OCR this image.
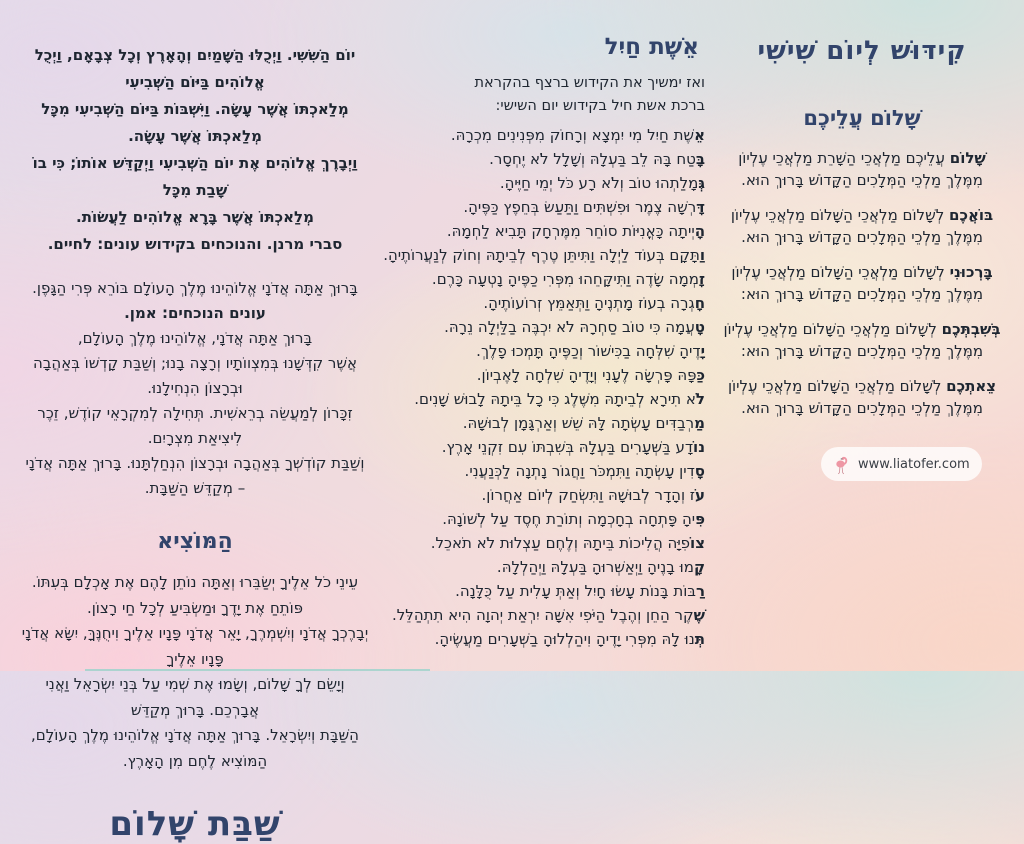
קִידּוּשׁ לְיוֹם שִׁישִׁי
שָׁלוֹם עֲלֵיכֶם

שָׁלוֹם עֲלֵיכֶם מַלְאֲכֵי הַשָּׁרֵת מַלְאֲכֵי עֶלְיוֹן
מִמֶּלֶךְ מַלְכֵי הַמְּלָכִים הַקָּדוֹשׁ בָּרוּךְ הוּא.

בּוֹאֲכֶם לְשָׁלוֹם מַלְאֲכֵי הַשָּׁלוֹם מַלְאֲכֵי עֶלְיוֹן
מִמֶּלֶךְ מַלְכֵי הַמְּלָכִים הַקָּדוֹשׁ בָּרוּךְ הוּא.

בָּרְכוּנִי לְשָׁלוֹם מַלְאֲכֵי הַשָּׁלוֹם מַלְאֲכֵי עֶלְיוֹן
מִמֶּלֶךְ מַלְכֵי הַמְּלָכִים הַקָּדוֹשׁ בָּרוּךְ הוּא:

בְּשִׁבְתְּכֶם לְשָׁלוֹם מַלְאֲכֵי הַשָּׁלוֹם מַלְאֲכֵי עֶלְיוֹן
מִמֶּלֶךְ מַלְכֵי הַמְּלָכִים הַקָּדוֹשׁ בָּרוּךְ הוּא:

צֵאתְכֶם לְשָׁלוֹם מַלְאֲכֵי הַשָּׁלוֹם מַלְאֲכֵי עֶלְיוֹן
מִמֶּלֶךְ מַלְכֵי הַמְּלָכִים הַקָּדוֹשׁ בָּרוּךְ הוּא.

אֵשֶׁת חַיִל

ואז ימשיך את הקידוש ברצף בהקראת

ברכת אשת חיל בקידוש יום השישי:

אֵשֶׁת חַיִל מִי יִמְצָא וְרָחוֹק מִפְּנִינִים מִכְרָהּ.

בָּטַח בָּהּ לֵב בַּעְלָהּ וְשָׁלָל לֹא יֶחְסָר.

גְּמָלַתְהוּ טוֹב וְלֹא רָע כֹּל יְמֵי חַיֶּיהָ.

דָּרְשָׁה צֶמֶר וּפִשְׁתִּים וַתַּעַשׂ בְּחֵפֶץ כַּפֶּיהָ.

הָיְיתָה כָּאֳנִיּוֹת סוֹחֵר מִמֶּרְחָק תָּבִיא לַחְמָהּ.

וַתָּקָם בְּעוֹד לַיְלָה וַתִּיתֵּן טֶרֶף לְבֵיתָהּ וְחוֹק לְנַעֲרוֹתֶיהָ.

זָמְמָה שָׂדֶה וַתִּיקָּחֵהוּ מִפְּרִי כַפֶּיהָ נָטְעָה כָּרֶם.

חָגְרָה בְעוֹז מָתְנֶיהָ וַתְּאַמֵּץ זְרוֹעוֹתֶיהָ.

טָעֲמָה כִּי טוֹב סַחְרָהּ לֹא יִכְבֶּה בַלַּיְלָה נֵרָהּ.

יָדֶיהָ שִׁלְּחָה בַכִּישׁוֹר וְכַפֶּיהָ תָּמְכוּ פָלֶךְ.

כַּפָּהּ פָּרְשָׂה לֶעָנִי וְיָדֶיהָ שִׁלְחָה לָאֶבְיוֹן.

לֹא תִירָא לְבֵיתָהּ מִשֶּׁלֶג כִּי כָל בֵּיתָהּ לָבוּשׁ שָׁנִים.

מַרְבַדִּים עָשְׂתָה לָּהּ שֵׁשׁ וְאַרְגָּמָן לְבוּשָׁהּ.

נוֹדָע בַּשְּׁעָרִים בַּעְלָהּ בְּשִׁבְתּוֹ עִם זִקְנֵי אָרֶץ.

סָדִין עָשְׂתָה וַתִּמְכֹּר וַחֲגוֹר נָתְנָה לַכְּנַעֲנִי.

עֹז וְהָדָר לְבוּשָׁהּ וַתִּשְׂחַק לְיוֹם אַחֲרוֹן.

פִּיהָ פָּתְחָה בְחָכְמָה וְתוֹרַת חֶסֶד עַל לְשׁוֹנָהּ.

צוֹפִיָּה הֲלִיכוֹת בֵּיתָהּ וְלֶחֶם עַצְלוּת לֹא תֹאכֵל.

קָמוּ בָנֶיהָ וַיְאַשְּׁרוּהָ בַּעְלָהּ וַיְהַלְלָהּ.

רַבּוֹת בָּנוֹת עָשׂוּ חָיִל וְאַתְּ עָלִית עַל כֻּלָּנָה.

שֶׁקֶר הַחֵן וְהֶבֶל הַיֹּפִי אִשָּׁה יִרְאַת יְהוָה הִיא תִתְהַלֵּל.

תְּנוּ לָהּ מִפְּרִי יָדֶיהָ וִיהַלְלוּהָ בַשְּׁעָרִים מַעֲשֶׂיהָ.

יוֹם הַשִּׁשִּׁי. וַיְכֻלּוּ הַשָּׁמַיִם וְהָאָרֶץ וְכָל צְבָאָם, וַיְכֻל אֱלוֹהִים בַּיּוֹם הַשְּׁבִיעִי
מְלַאכְתּוֹ אֲשֶׁר עָשָׂה. וַיִּשְׁבּוֹת בַּיּוֹם הַשְּׁבִיעִי מִכָּל מְלַאכְתּוֹ אֲשֶׁר עָשָׂה.
וַיְבָרֶךְ אֱלוֹהִים אֶת יוֹם הַשְּׁבִיעִי וַיְקַדֵּשׁ אוֹתוֹ; כִּי בוֹ שָׁבַת מִכָּל
מְלַאכְתּוֹ אֲשֶׁר בָּרָא אֱלוֹהִים לַעֲשׂוֹת.
סברי מרנן. והנוכחים בקידוש עונים: לחיים.

בָּרוּךְ אַתָּה אֲדֹנָי אֱלוֹהֵינוּ מֶלֶךְ הָעוֹלָם בּוֹרֵא פְּרִי הַגָּפֶן.

עונים הנוכחים: אמן.

בָּרוּךְ אַתָּה אֲדֹנָי, אֱלוֹהֵינוּ מֶלֶךְ הָעוֹלָם,

אֲשֶׁר קִדְּשָׁנוּ בְּמִצְווֹתָיו וְרָצָה בָנוּ; וְשַׁבַּת קָדְשׁוֹ בְּאַהֲבָה וּבְרָצוֹן הִנְחִילָנוּ.

זִכָּרוֹן לְמַעֲשֵׂה בְרֵאשִׁית. תְּחִילָה לְמִקְרָאֵי קוֹדֶשׁ, זֵכֶר לִיצִיאַת מִצְרָיִם.

וְשַׁבַּת קוֹדְשְׁךָ בְּאַהֲבָה וּבְרָצוֹן הִנְחַלְתָּנוּ. בָּרוּךְ אַתָּה אֲדֹנָי – מְקַדֵּשׁ הַשַּׁבָּת.

הַמּוֹצִיא

עֵינֵי כֹל אֵלֶיךָ יְשַׂבֵּרוּ וְאַתָּה נוֹתֵן לָהֶם אֶת אָכְלָם בְּעִתּוֹ.

פּוֹתֵחַ אֶת יָדֶךָ וּמַשְׂבִּיעַ לְכָל חַי רָצוֹן.

יְבָרֶכְךָ אֲדֹנָי וְיִשְׁמְרֶךָ, יָאֵר אֲדֹנָי פָּנָיו אֵלֶיךָ וִיחֻנֶּךָּ, יִשָּׂא אֲדֹנָי פָּנָיו אֵלֶיךָ

וְיָשֵׂם לְךָ שָׁלוֹם, וְשָׂמוּ אֶת שְׁמִי עַל בְּנֵי יִשְׂרָאֵל וַאֲנִי אֲבָרְכֵם. בָּרוּךְ מְקַדֵּשׁ

הַשַּׁבָּת וְיִשְׂרָאֵל. בָּרוּךְ אַתָּה אֲדֹנָי אֱלוֹהֵינוּ מֶלֶךְ הָעוֹלָם, הַמּוֹצִיא לֶחֶם מִן הָאָרֶץ.

שַׁבַּת שָׁלוֹם
www.liatofer.com
